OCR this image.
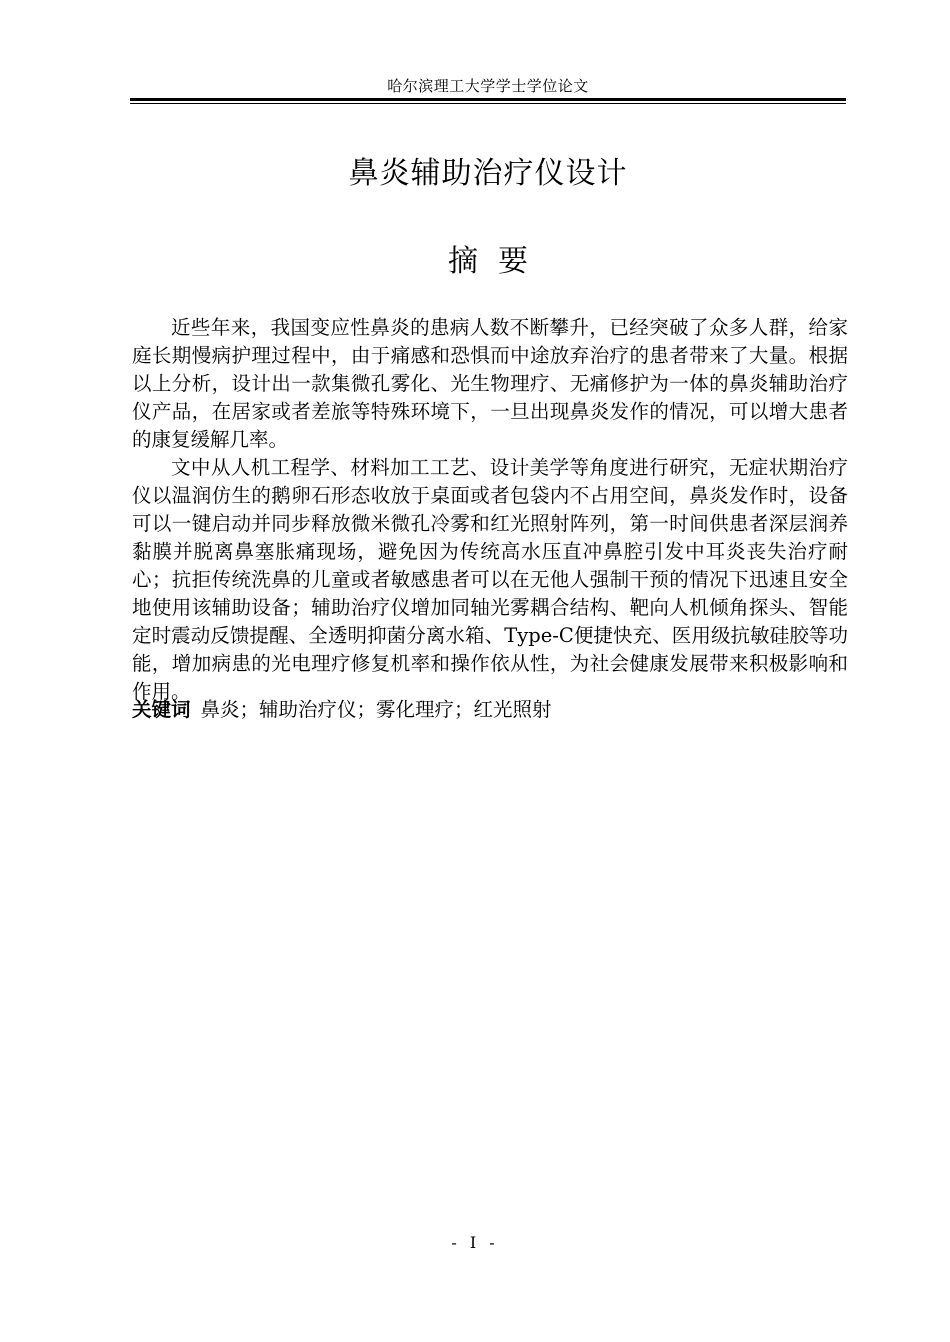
哈尔滨理工大学学士学位论文
鼻炎辅助治疗仪设计
摘要

近些年来，我国变应性鼻炎的患病人数不断攀升，已经突破了众多人群，给家庭长期慢病护理过程中，由于痛感和恐惧而中途放弃治疗的患者带来了大量。根据以上分析，设计出一款集微孔雾化、光生物理疗、无痛修护为一体的鼻炎辅助治疗仪产品，在居家或者差旅等特殊环境下，一旦出现鼻炎发作的情况，可以增大患者的康复缓解几率。

文中从人机工程学、材料加工工艺、设计美学等角度进行研究，无症状期治疗仪以温润仿生的鹅卵石形态收放于桌面或者包袋内不占用空间，鼻炎发作时，设备可以一键启动并同步释放微米微孔冷雾和红光照射阵列，第一时间供患者深层润养黏膜并脱离鼻塞胀痛现场，避免因为传统高水压直冲鼻腔引发中耳炎丧失治疗耐心；抗拒传统洗鼻的儿童或者敏感患者可以在无他人强制干预的情况下迅速且安全地使用该辅助设备；辅助治疗仪增加同轴光雾耦合结构、靶向人机倾角探头、智能定时震动反馈提醒、全透明抑菌分离水箱、Type-C便捷快充、医用级抗敏硅胶等功能，增加病患的光电理疗修复机率和操作依从性，为社会健康发展带来积极影响和作用。

关键词 鼻炎；辅助治疗仪；雾化理疗；红光照射
- I -
